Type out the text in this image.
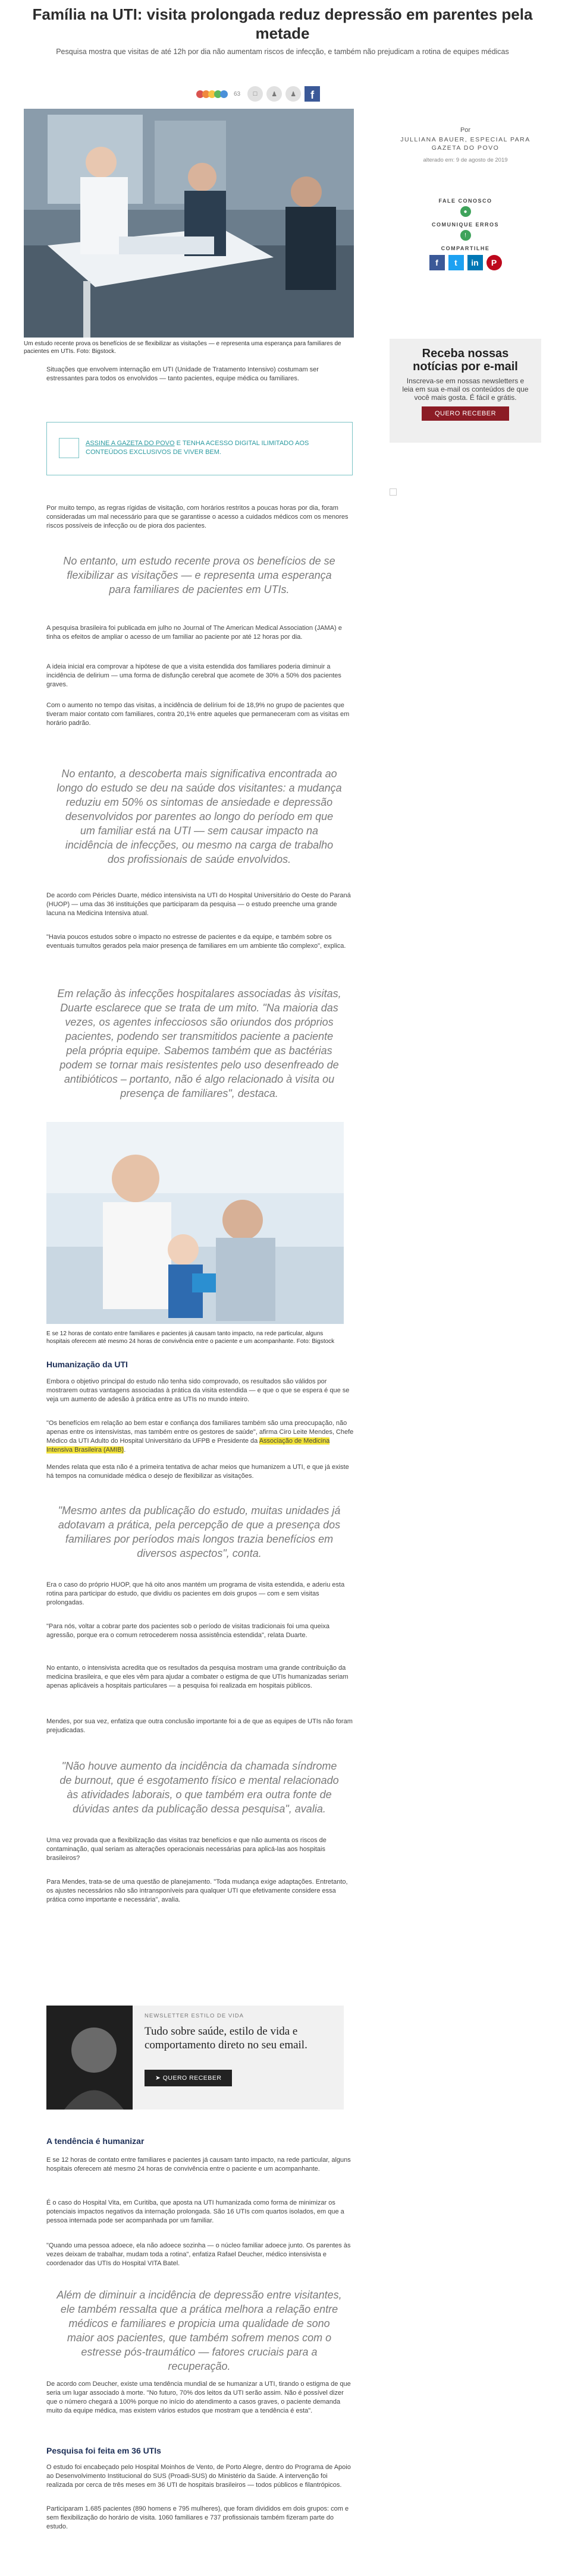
Família na UTI: visita prolongada reduz depressão em parentes pela metade

Pesquisa mostra que visitas de até 12h por dia não aumentam riscos de infecção, e também não prejudicam a rotina de equipes médicas

63	□	♟	♟	f

Um estudo recente prova os benefícios de se flexibilizar as visitações — e representa uma esperança para familiares de pacientes em UTIs. Foto: Bigstock.

Por
JULLIANA BAUER, ESPECIAL PARA GAZETA DO POVO
alterado em: 9 de agosto de 2019
FALE CONOSCO
●
COMUNIQUE ERROS
!
COMPARTILHE
f	t	in	P
Receba nossas notícias por e-mail
Inscreva-se em nossas newsletters e leia em sua e-mail os conteúdos de que você mais gosta. É fácil e grátis.
QUERO RECEBER

Situações que envolvem internação em UTI (Unidade de Tratamento Intensivo) costumam ser estressantes para todos os envolvidos — tanto pacientes, equipe médica ou familiares.

ASSINE A GAZETA DO POVO E TENHA ACESSO DIGITAL ILIMITADO AOS CONTEÚDOS EXCLUSIVOS DE VIVER BEM.

Por muito tempo, as regras rígidas de visitação, com horários restritos a poucas horas por dia, foram consideradas um mal necessário para que se garantisse o acesso a cuidados médicos com os menores riscos possíveis de infecção ou de piora dos pacientes.

No entanto, um estudo recente prova os benefícios de se flexibilizar as visitações — e representa uma esperança para familiares de pacientes em UTIs.

A pesquisa brasileira foi publicada em julho no Journal of The American Medical Association (JAMA) e tinha os efeitos de ampliar o acesso de um familiar ao paciente por até 12 horas por dia.

A ideia inicial era comprovar a hipótese de que a visita estendida dos familiares poderia diminuir a incidência de delirium — uma forma de disfunção cerebral que acomete de 30% a 50% dos pacientes graves.

Com o aumento no tempo das visitas, a incidência de delírium foi de 18,9% no grupo de pacientes que tiveram maior contato com familiares, contra 20,1% entre aqueles que permaneceram com as visitas em horário padrão.

No entanto, a descoberta mais significativa encontrada ao longo do estudo se deu na saúde dos visitantes: a mudança reduziu em 50% os sintomas de ansiedade e depressão desenvolvidos por parentes ao longo do período em que um familiar está na UTI — sem causar impacto na incidência de infecções, ou mesmo na carga de trabalho dos profissionais de saúde envolvidos.

De acordo com Péricles Duarte, médico intensivista na UTI do Hospital Universitário do Oeste do Paraná (HUOP) — uma das 36 instituições que participaram da pesquisa — o estudo preenche uma grande lacuna na Medicina Intensiva atual.

"Havia poucos estudos sobre o impacto no estresse de pacientes e da equipe, e também sobre os eventuais tumultos gerados pela maior presença de familiares em um ambiente tão complexo", explica.

Em relação às infecções hospitalares associadas às visitas, Duarte esclarece que se trata de um mito. "Na maioria das vezes, os agentes infecciosos são oriundos dos próprios pacientes, podendo ser transmitidos paciente a paciente pela própria equipe. Sabemos também que as bactérias podem se tornar mais resistentes pelo uso desenfreado de antibióticos – portanto, não é algo relacionado à visita ou presença de familiares", destaca.

E se 12 horas de contato entre familiares e pacientes já causam tanto impacto, na rede particular, alguns hospitais oferecem até mesmo 24 horas de convivência entre o paciente e um acompanhante. Foto: Bigstock

Humanização da UTI

Embora o objetivo principal do estudo não tenha sido comprovado, os resultados são válidos por mostrarem outras vantagens associadas à prática da visita estendida — e que o que se espera é que se veja um aumento de adesão à prática entre as UTIs no mundo inteiro.

"Os benefícios em relação ao bem estar e confiança dos familiares também são uma preocupação, não apenas entre os intensivistas, mas também entre os gestores de saúde", afirma Ciro Leite Mendes, Chefe Médico da UTI Adulto do Hospital Universitário da UFPB e Presidente da Associação de Medicina Intensiva Brasileira (AMIB).

Mendes relata que esta não é a primeira tentativa de achar meios que humanizem a UTI, e que já existe há tempos na comunidade médica o desejo de flexibilizar as visitações.

"Mesmo antes da publicação do estudo, muitas unidades já adotavam a prática, pela percepção de que a presença dos familiares por períodos mais longos trazia benefícios em diversos aspectos", conta.

Era o caso do próprio HUOP, que há oito anos mantém um programa de visita estendida, e aderiu esta rotina para participar do estudo, que dividiu os pacientes em dois grupos — com e sem visitas prolongadas.

"Para nós, voltar a cobrar parte dos pacientes sob o período de visitas tradicionais foi uma queixa agressão, porque era o comum retrocederem nossa assistência estendida", relata Duarte.

No entanto, o intensivista acredita que os resultados da pesquisa mostram uma grande contribuição da medicina brasileira, e que eles vêm para ajudar a combater o estigma de que UTIs humanizadas seriam apenas aplicáveis a hospitais particulares — a pesquisa foi realizada em hospitais públicos.

Mendes, por sua vez, enfatiza que outra conclusão importante foi a de que as equipes de UTIs não foram prejudicadas.

"Não houve aumento da incidência da chamada síndrome de burnout, que é esgotamento físico e mental relacionado às atividades laborais, o que também era outra fonte de dúvidas antes da publicação dessa pesquisa", avalia.

Uma vez provada que a flexibilização das visitas traz benefícios e que não aumenta os riscos de contaminação, qual seriam as alterações operacionais necessárias para aplicá-las aos hospitais brasileiros?

Para Mendes, trata-se de uma questão de planejamento. "Toda mudança exige adaptações. Entretanto, os ajustes necessários não são intransponíveis para qualquer UTI que efetivamente considere essa prática como importante e necessária", avalia.

NEWSLETTER ESTILO DE VIDA
Tudo sobre saúde, estilo de vida e comportamento direto no seu email.
➤ QUERO RECEBER
A tendência é humanizar

E se 12 horas de contato entre familiares e pacientes já causam tanto impacto, na rede particular, alguns hospitais oferecem até mesmo 24 horas de convivência entre o paciente e um acompanhante.

É o caso do Hospital Vita, em Curitiba, que aposta na UTI humanizada como forma de minimizar os potenciais impactos negativos da internação prolongada. São 16 UTIs com quartos isolados, em que a pessoa internada pode ser acompanhada por um familiar.

"Quando uma pessoa adoece, ela não adoece sozinha — o núcleo familiar adoece junto. Os parentes às vezes deixam de trabalhar, mudam toda a rotina", enfatiza Rafael Deucher, médico intensivista e coordenador das UTIs do Hospital VITA Batel.

Além de diminuir a incidência de depressão entre visitantes, ele também ressalta que a prática melhora a relação entre médicos e familiares e propicia uma qualidade de sono maior aos pacientes, que também sofrem menos com o estresse pós-traumático — fatores cruciais para a recuperação.

De acordo com Deucher, existe uma tendência mundial de se humanizar a UTI, tirando o estigma de que seria um lugar associado à morte. "No futuro, 70% dos leitos da UTI serão assim. Não é possível dizer que o número chegará a 100% porque no início do atendimento a casos graves, o paciente demanda muito da equipe médica, mas existem vários estudos que mostram que a tendência é esta".

Pesquisa foi feita em 36 UTIs

O estudo foi encabeçado pelo Hospital Moinhos de Vento, de Porto Alegre, dentro do Programa de Apoio ao Desenvolvimento Institucional do SUS (Proadi-SUS) do Ministério da Saúde. A intervenção foi realizada por cerca de três meses em 36 UTI de hospitais brasileiros — todos públicos e filantrópicos.

Participaram 1.685 pacientes (890 homens e 795 mulheres), que foram divididos em dois grupos: com e sem flexibilização do horário de visita. 1060 familiares e 737 profissionais também fizeram parte do estudo.
